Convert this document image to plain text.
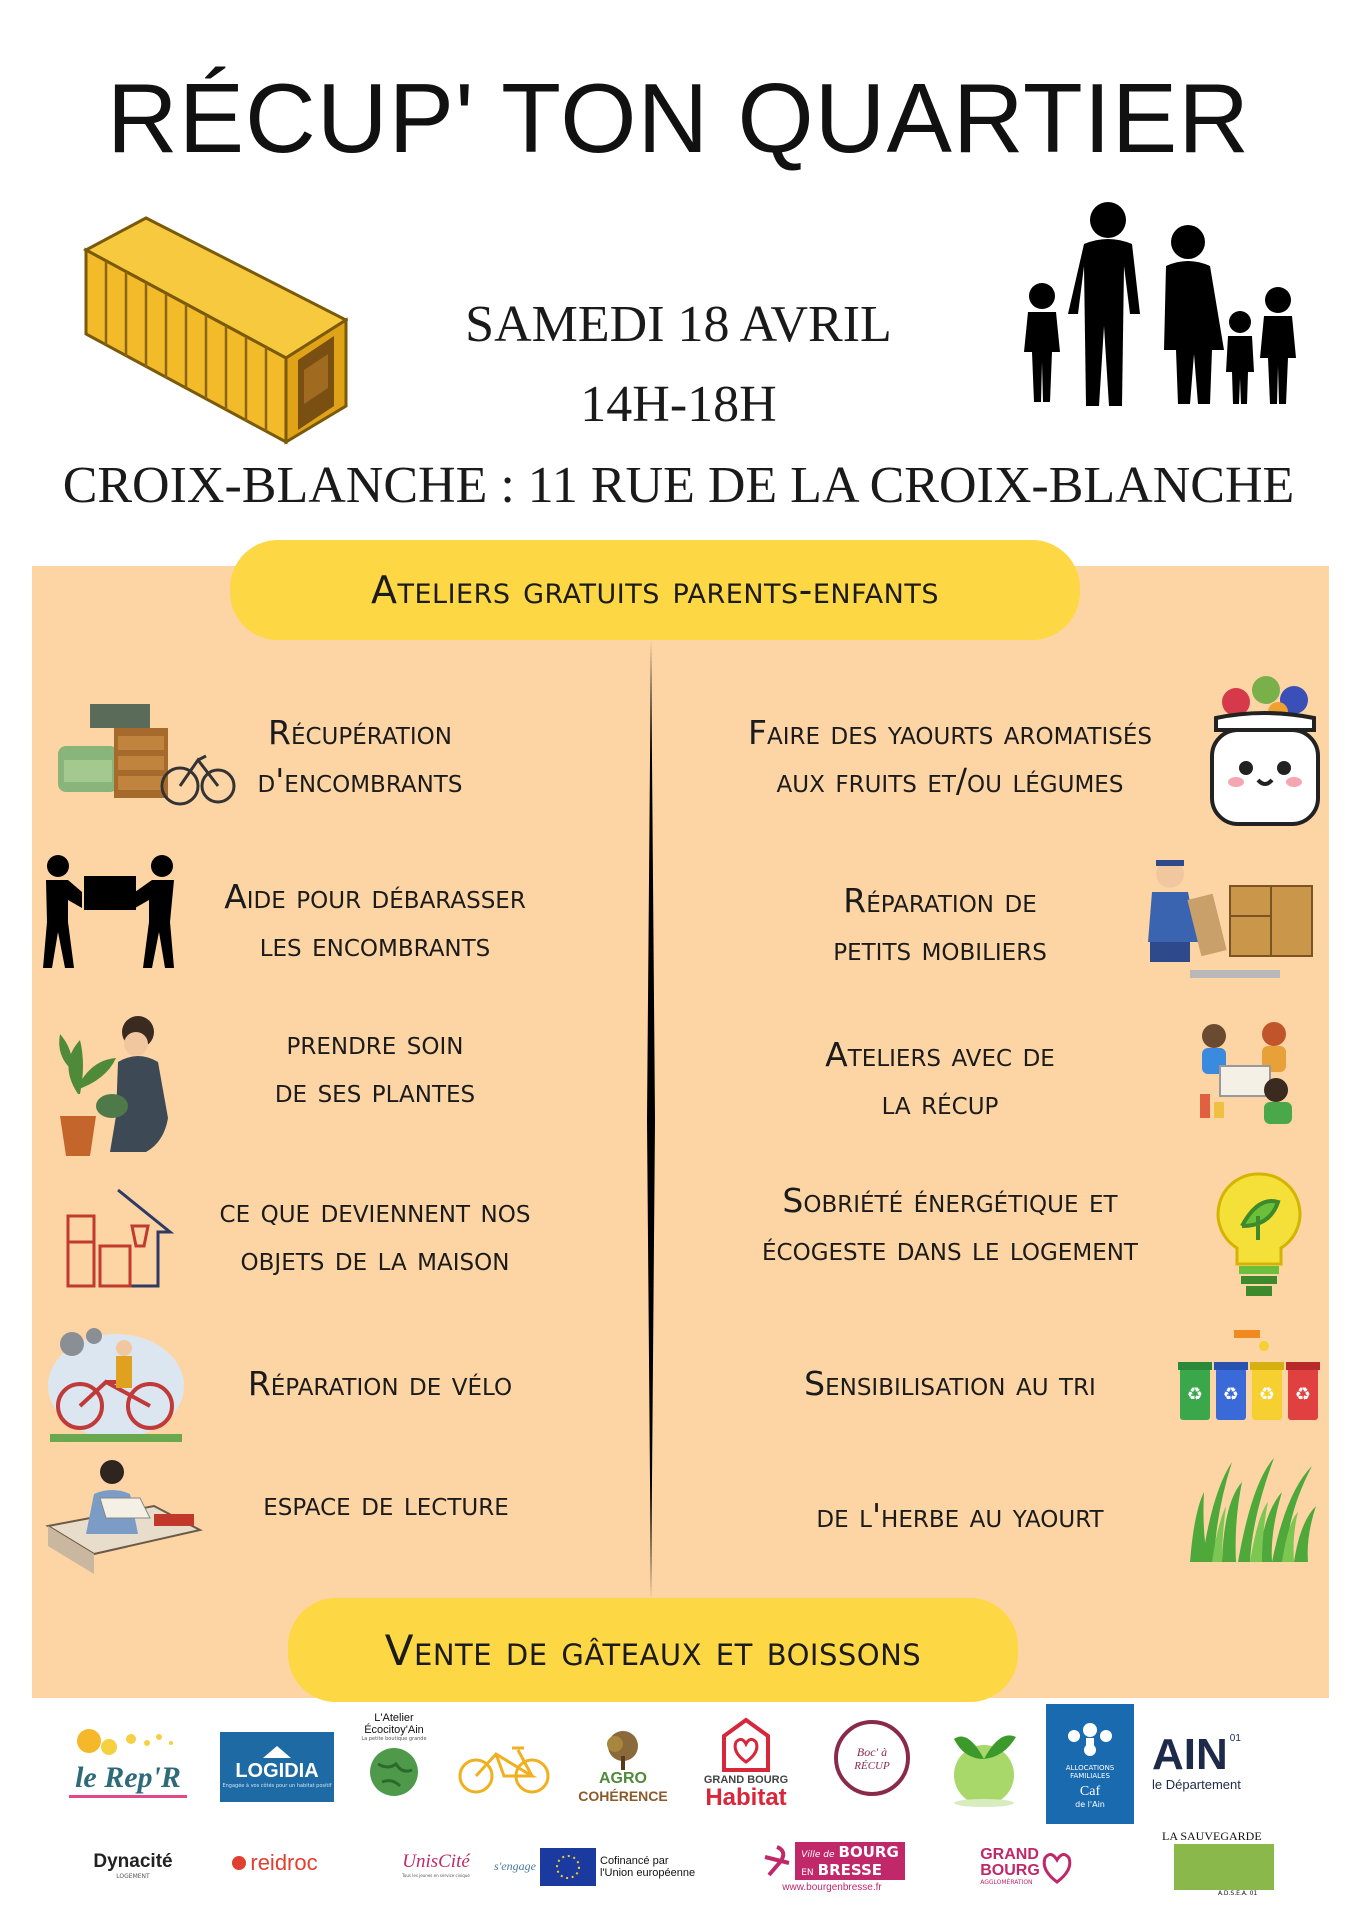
RÉCUP' TON QUARTIER
SAMEDI 18 AVRIL
14H-18H
CROIX-BLANCHE : 11 RUE DE LA CROIX-BLANCHE
Ateliers gratuits parents-enfants
Récupération
d'encombrants
Aide pour débarasser
les encombrants
prendre soin
de ses plantes
ce que deviennent nos
objets de la maison
Réparation de vélo
espace de lecture
Faire des yaourts aromatisés
aux fruits et/ou légumes
Réparation de
petits mobiliers
Ateliers avec de
la récup
Sobriété énergétique et
écogeste dans le logement
Sensibilisation au tri	♻ ♻ ♻ ♻
de l'herbe au yaourt
Vente de gâteaux et boissons
le Rep'R	LOGIDIA
Engagée à vos côtés pour un habitat positif
L'Atelier Écocitoy'Ain
La petite boutique grande
AGRO
COHÉRENCE
GRAND BOURG
Habitat
Boc' à
RÉCUP	ALLOCATIONS
FAMILIALES
Caf
de l'Ain
AIN 01
le Département
Dynacité
LOGEMENT
reidroc	UnisCité
Tous les jeunes en service civique
s'engage	Cofinancé par
l'Union européenne
Ville de BOURG
EN BRESSE
www.bourgenbresse.fr
GRAND
BOURG
AGGLOMÉRATION
LA SAUVEGARDE
A.D.S.E.A. 01
